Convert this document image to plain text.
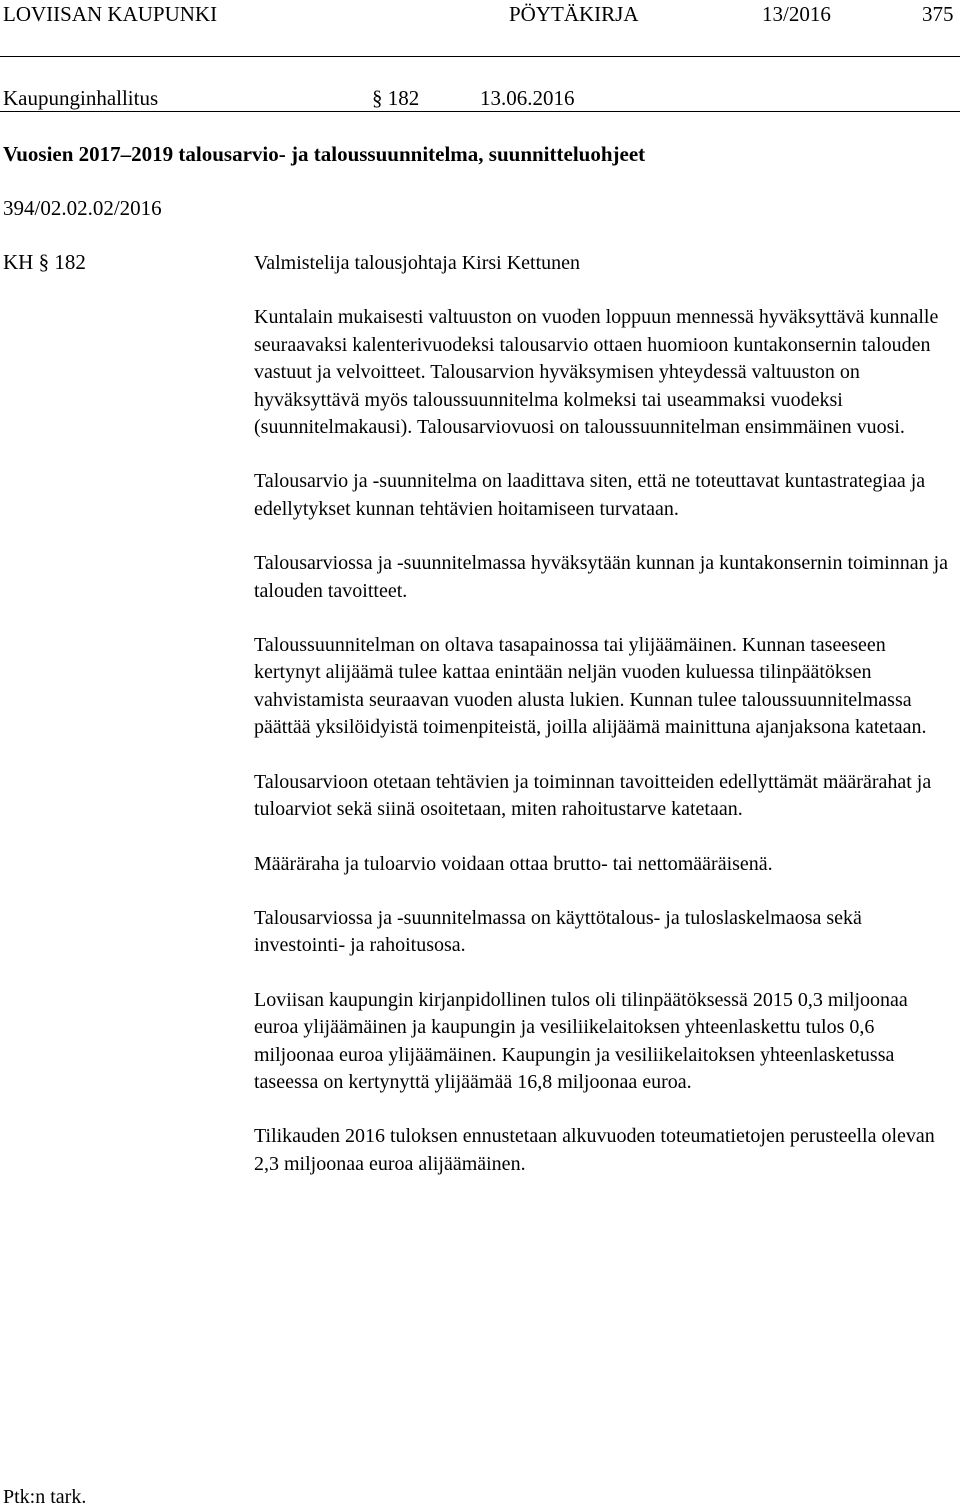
LOVIISAN KAUPUNKI	PÖYTÄKIRJA	13/2016	375
Kaupunginhallitus	§ 182	13.06.2016
Vuosien 2017–2019 talousarvio- ja taloussuunnitelma, suunnitteluohjeet
394/02.02.02/2016
KH § 182	Valmistelija talousjohtaja Kirsi Kettunen

Kuntalain mukaisesti valtuuston on vuoden loppuun mennessä hyväksyttävä kunnalle seuraavaksi kalenterivuodeksi talousarvio ottaen huomioon kuntakonsernin talouden vastuut ja velvoitteet. Talousarvion hyväksymisen yhteydessä valtuuston on hyväksyttävä myös taloussuunnitelma kolmeksi tai useammaksi vuodeksi (suunnitelmakausi). Talousarviovuosi on taloussuunnitelman ensimmäinen vuosi.

Talousarvio ja -suunnitelma on laadittava siten, että ne toteuttavat kuntastrategiaa ja edellytykset kunnan tehtävien hoitamiseen turvataan.

Talousarviossa ja -suunnitelmassa hyväksytään kunnan ja kuntakonsernin toiminnan ja talouden tavoitteet.

Taloussuunnitelman on oltava tasapainossa tai ylijäämäinen. Kunnan taseeseen kertynyt alijäämä tulee kattaa enintään neljän vuoden kuluessa tilinpäätöksen vahvistamista seuraavan vuoden alusta lukien. Kunnan tulee taloussuunnitelmassa päättää yksilöidyistä toimenpiteistä, joilla alijäämä mainittuna ajanjaksona katetaan.

Talousarvioon otetaan tehtävien ja toiminnan tavoitteiden edellyttämät määrärahat ja tuloarviot sekä siinä osoitetaan, miten rahoitustarve katetaan.

Määräraha ja tuloarvio voidaan ottaa brutto- tai nettomääräisenä.

Talousarviossa ja -suunnitelmassa on käyttötalous- ja tuloslaskelmaosa sekä investointi- ja rahoitusosa.

Loviisan kaupungin kirjanpidollinen tulos oli tilinpäätöksessä 2015 0,3 miljoonaa euroa ylijäämäinen ja kaupungin ja vesiliikelaitoksen yhteenlaskettu tulos 0,6 miljoonaa euroa ylijäämäinen. Kaupungin ja vesiliikelaitoksen yhteenlasketussa taseessa on kertynyttä ylijäämää 16,8 miljoonaa euroa.

Tilikauden 2016 tuloksen ennustetaan alkuvuoden toteumatietojen perusteella olevan 2,3 miljoonaa euroa alijäämäinen.

Ptk:n tark.
